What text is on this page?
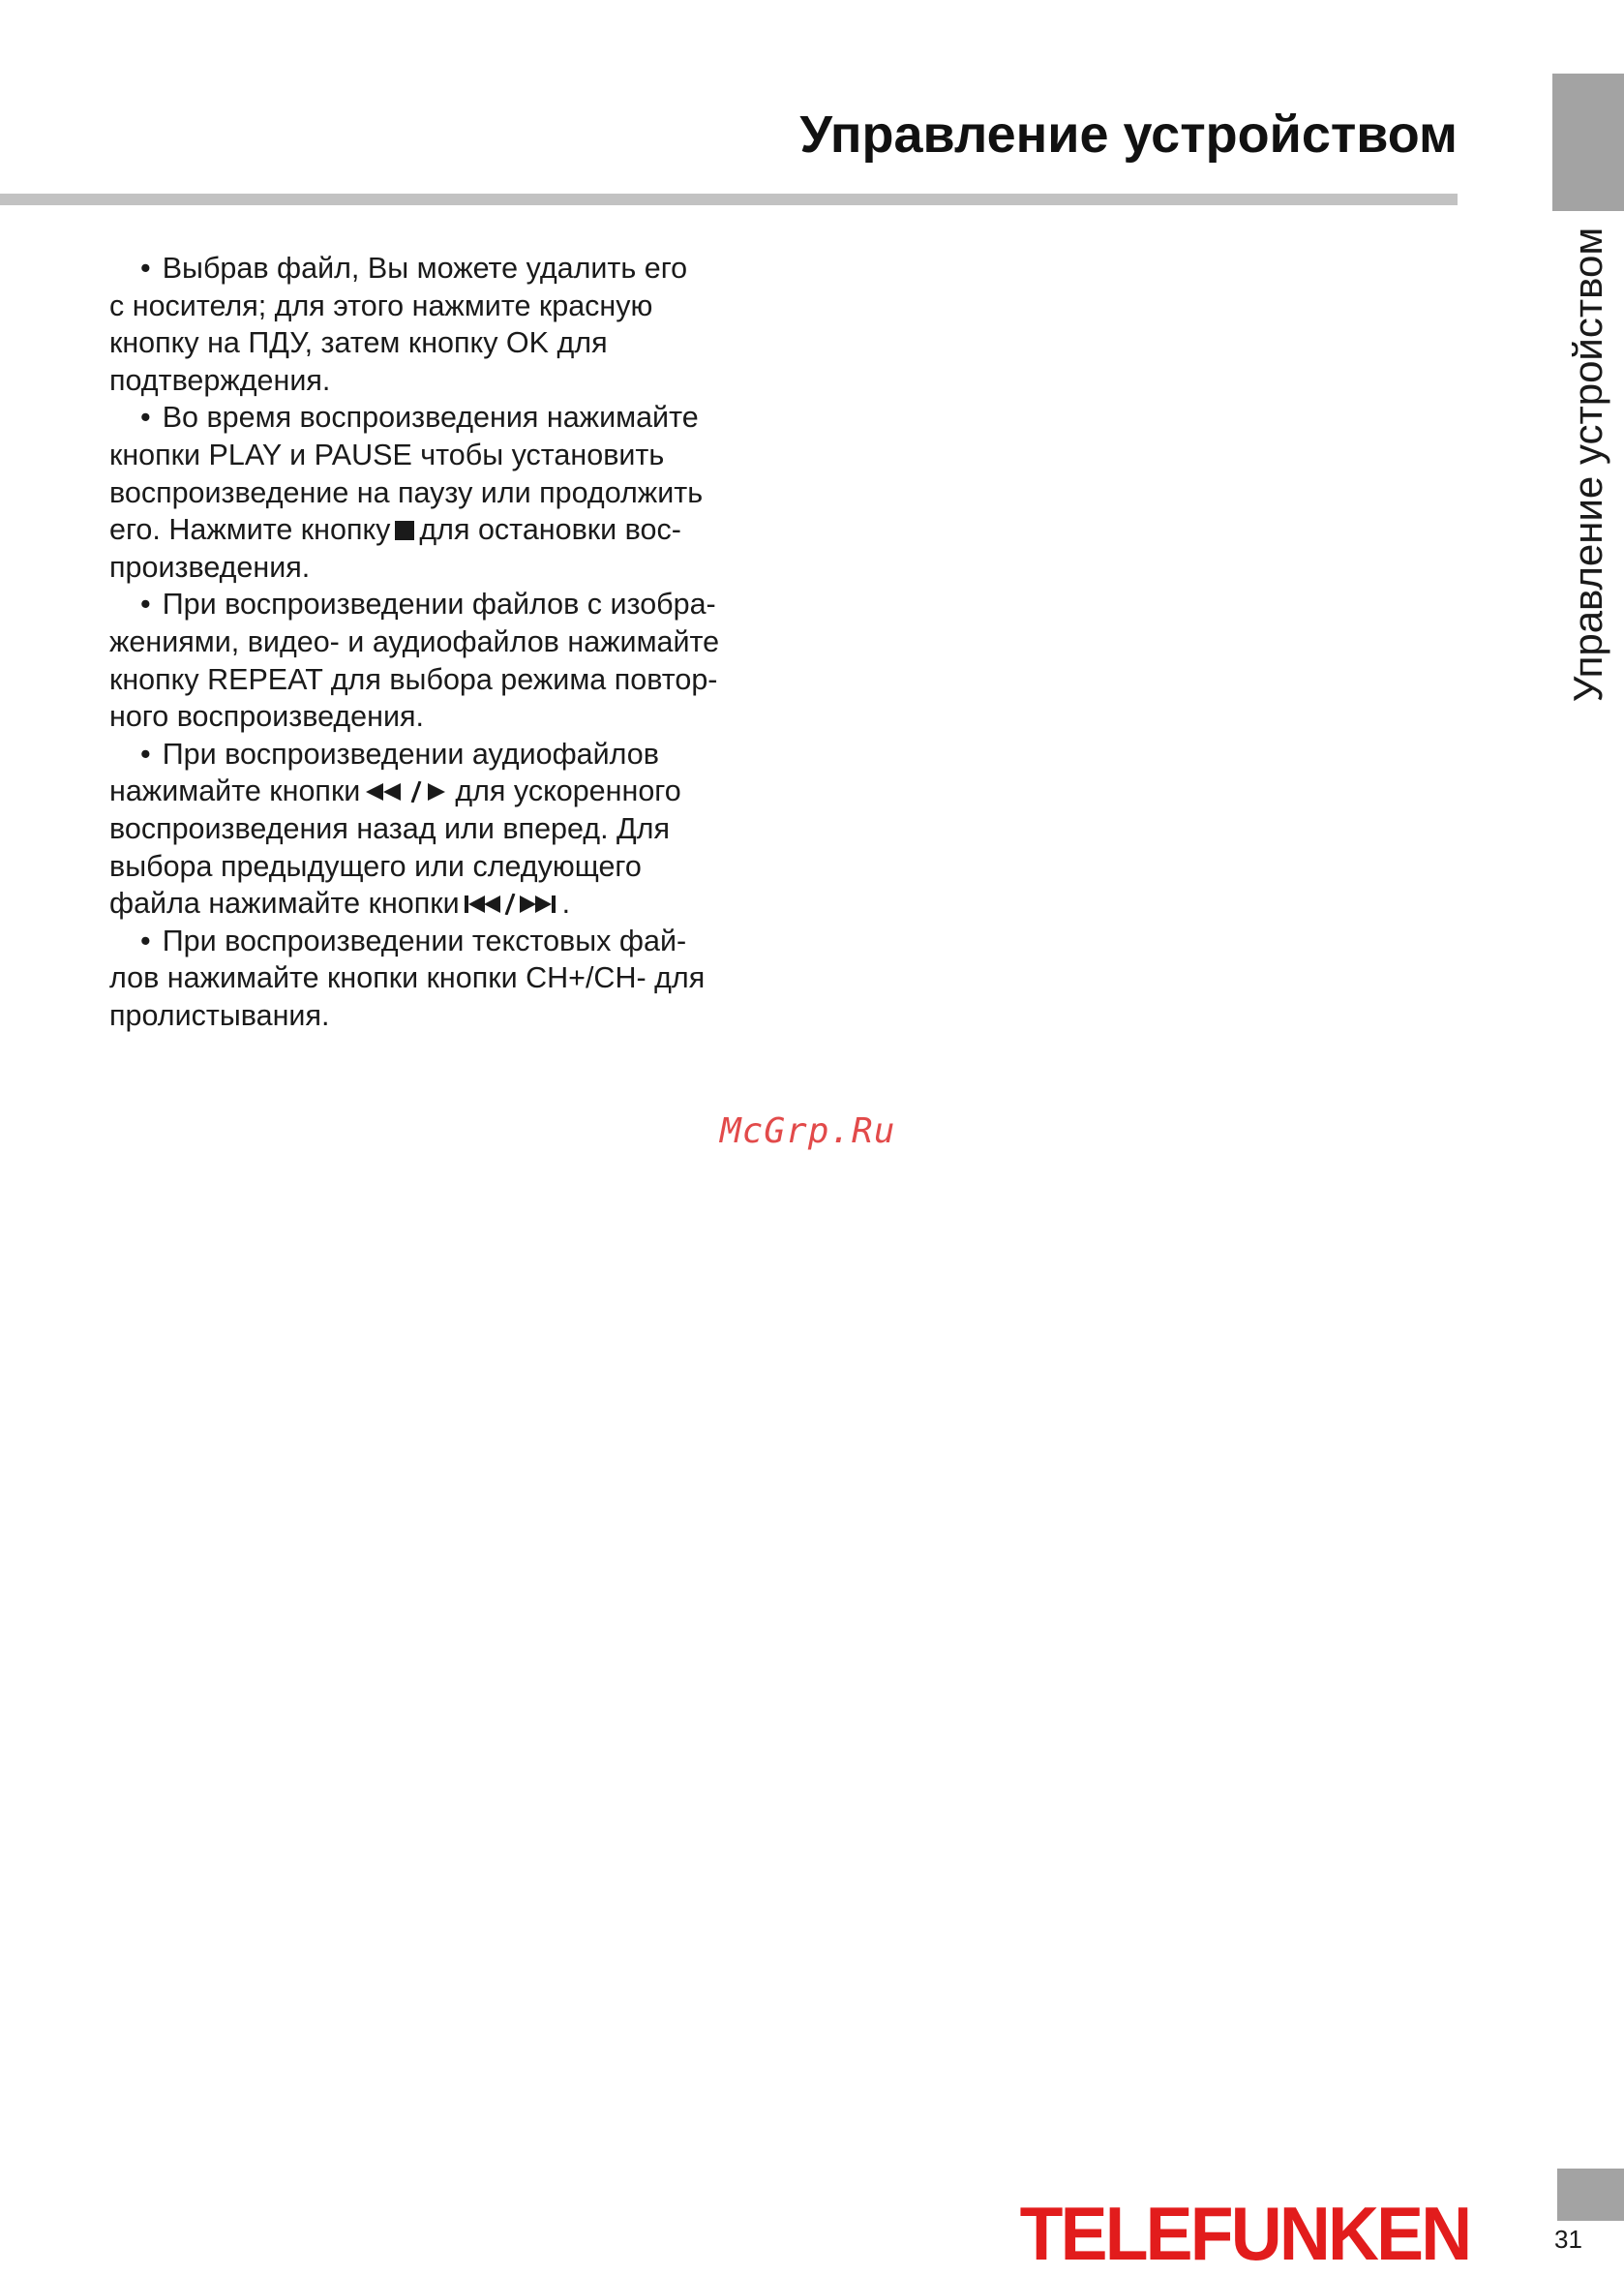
Управление устройством
Управление устройством

• Выбрав файл, Вы можете удалить его
с носителя; для этого нажмите красную
кнопку на ПДУ, затем кнопку OK для
подтверждения.

• Во время воспроизведения нажимайте
кнопки PLAY и PAUSE чтобы установить
воспроизведение на паузу или продолжить
его. Нажмите кнопку для остановки вос-
произведения.

• При воспроизведении файлов с изобра-
жениями, видео- и аудиофайлов нажимайте
кнопку REPEAT для выбора режима повтор-
ного воспроизведения.

• При воспроизведении аудиофайлов
нажимайте кнопки	для ускоренного
воспроизведения назад или вперед. Для
выбора предыдущего или следующего
файла нажимайте кнопки	.

• При воспроизведении текстовых фай-
лов нажимайте кнопки кнопки CH+/CH- для
пролистывания.

McGrp.Ru
TELEFUNKEN	31
